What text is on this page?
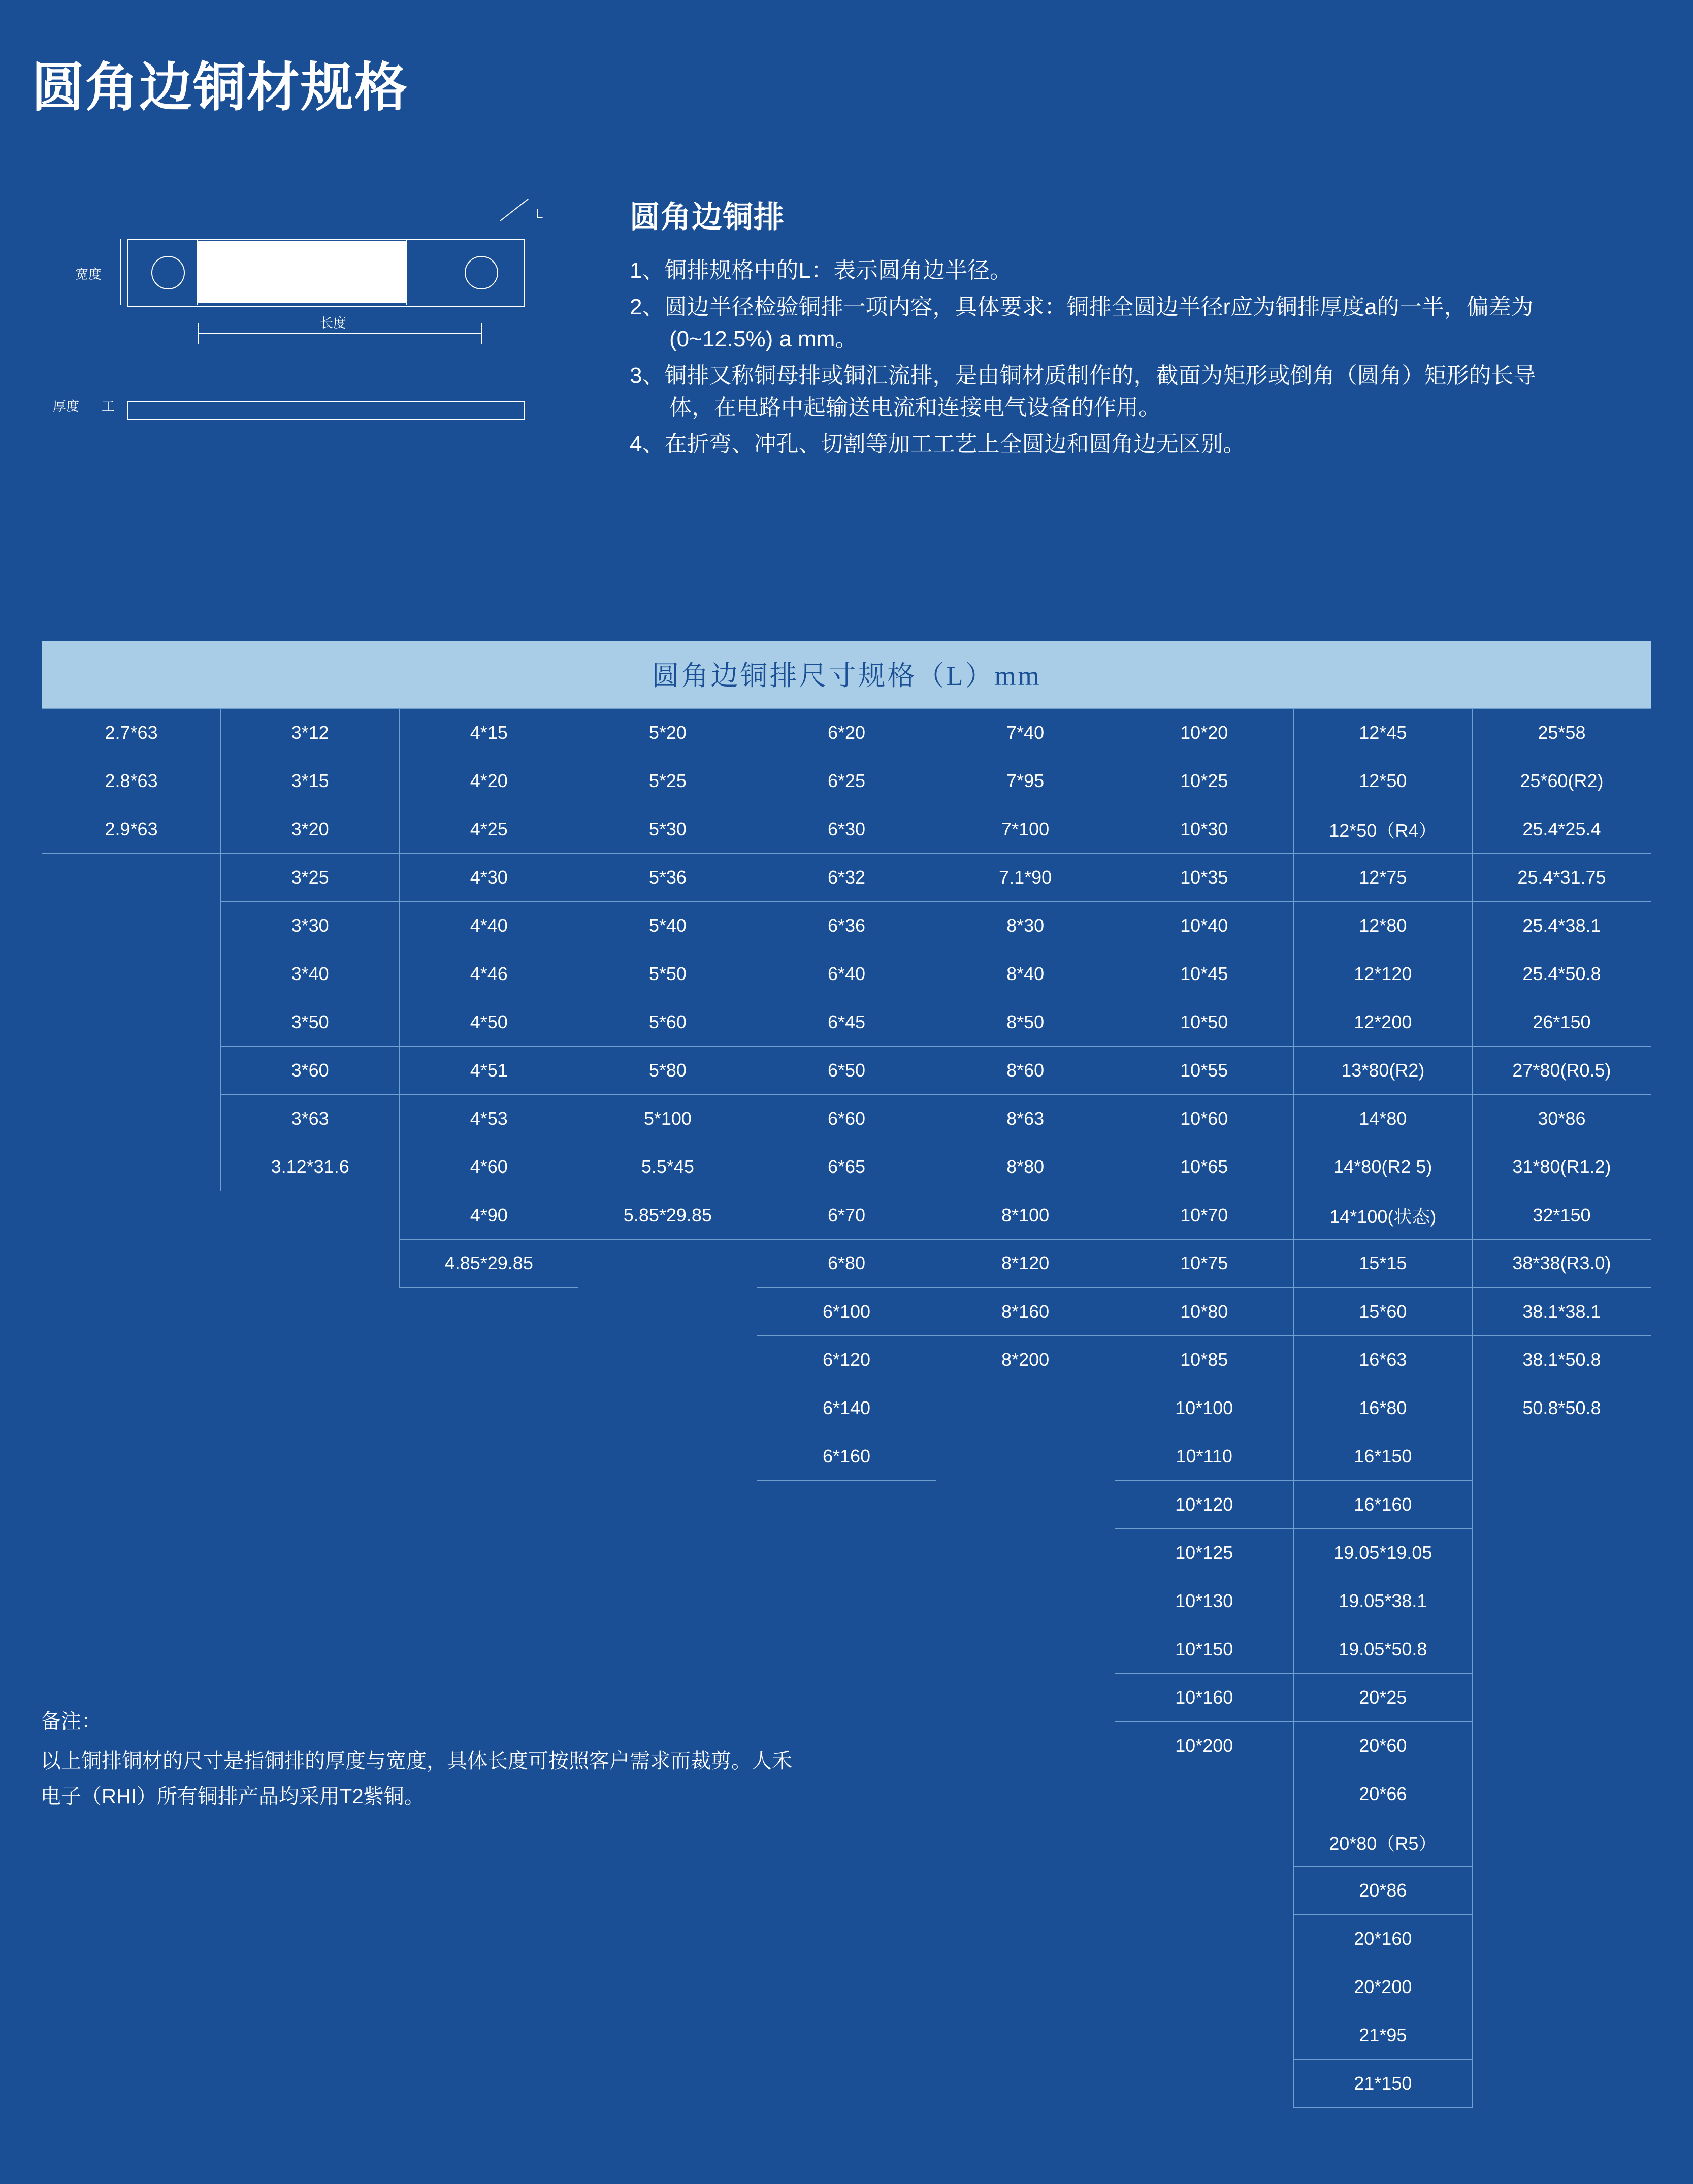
圆角边铜材规格
宽度
L
长度
厚度 工
圆角边铜排

1、铜排规格中的L：表示圆角边半径。

2、圆边半径检验铜排一项内容，具体要求：铜排全圆边半径r应为铜排厚度a的一半，偏差为(0~12.5%) a mm。

3、铜排又称铜母排或铜汇流排，是由铜材质制作的，截面为矩形或倒角（圆角）矩形的长导体，在电路中起输送电流和连接电气设备的作用。

4、在折弯、冲孔、切割等加工工艺上全圆边和圆角边无区别。

圆角边铜排尺寸规格（L）mm
2.7*63	3*12	4*15	5*20	6*20	7*40	10*20	12*45	25*58
2.8*63	3*15	4*20	5*25	6*25	7*95	10*25	12*50	25*60(R2)
2.9*63	3*20	4*25	5*30	6*30	7*100	10*30	12*50（R4）	25.4*25.4
	3*25	4*30	5*36	6*32	7.1*90	10*35	12*75	25.4*31.75
	3*30	4*40	5*40	6*36	8*30	10*40	12*80	25.4*38.1
	3*40	4*46	5*50	6*40	8*40	10*45	12*120	25.4*50.8
	3*50	4*50	5*60	6*45	8*50	10*50	12*200	26*150
	3*60	4*51	5*80	6*50	8*60	10*55	13*80(R2)	27*80(R0.5)
	3*63	4*53	5*100	6*60	8*63	10*60	14*80	30*86
	3.12*31.6	4*60	5.5*45	6*65	8*80	10*65	14*80(R2 5)	31*80(R1.2)
		4*90	5.85*29.85	6*70	8*100	10*70	14*100(状态)	32*150
		4.85*29.85		6*80	8*120	10*75	15*15	38*38(R3.0)
				6*100	8*160	10*80	15*60	38.1*38.1
				6*120	8*200	10*85	16*63	38.1*50.8
				6*140		10*100	16*80	50.8*50.8
				6*160		10*110	16*150	
						10*120	16*160	
						10*125	19.05*19.05	
						10*130	19.05*38.1	
						10*150	19.05*50.8	
						10*160	20*25	
						10*200	20*60	
							20*66	
							20*80（R5）	
							20*86	
							20*160	
							20*200	
							21*95	
							21*150	
备注：
以上铜排铜材的尺寸是指铜排的厚度与宽度，具体长度可按照客户需求而裁剪。人禾电子（RHI）所有铜排产品均采用T2紫铜。
